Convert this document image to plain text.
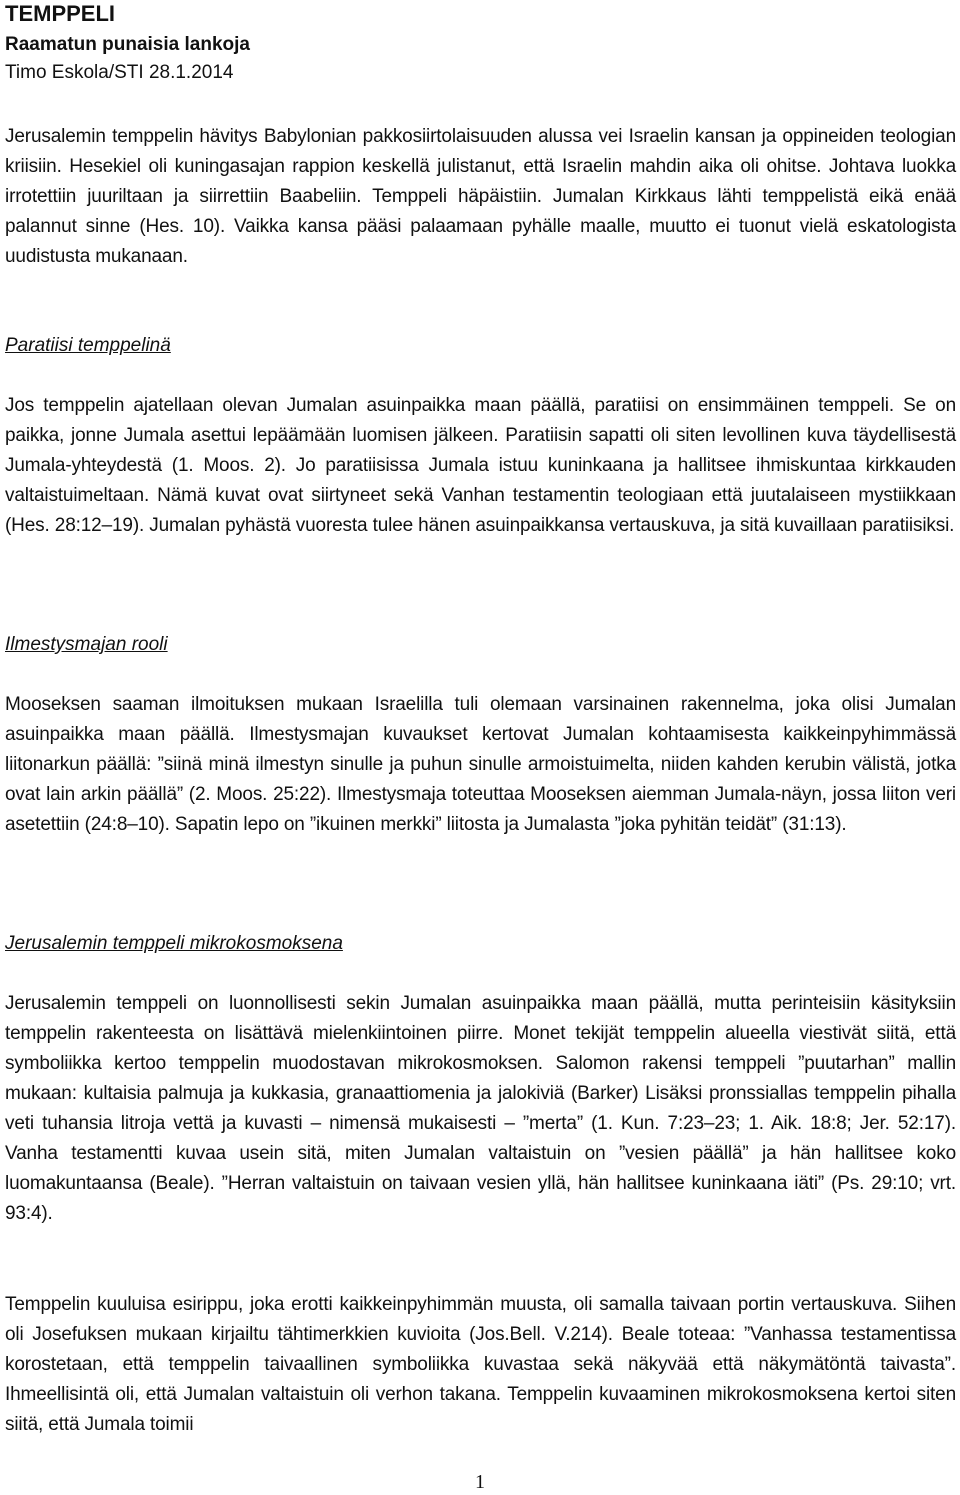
TEMPPELI
Raamatun punaisia lankoja
Timo Eskola/STI 28.1.2014

Jerusalemin temppelin hävitys Babylonian pakkosiirtolaisuuden alussa vei Israelin kansan ja oppineiden teologian kriisiin. Hesekiel oli kuningasajan rappion keskellä julistanut, että Israelin mahdin aika oli ohitse. Johtava luokka irrotettiin juuriltaan ja siirrettiin Baabeliin. Temppeli häpäistiin. Jumalan Kirkkaus lähti temppelistä eikä enää palannut sinne (Hes. 10). Vaikka kansa pääsi palaamaan pyhälle maalle, muutto ei tuonut vielä eskatologista uudistusta mukanaan.

Paratiisi temppelinä

Jos temppelin ajatellaan olevan Jumalan asuinpaikka maan päällä, paratiisi on ensimmäinen temppeli. Se on paikka, jonne Jumala asettui lepäämään luomisen jälkeen. Paratiisin sapatti oli siten levollinen kuva täydellisestä Jumala-yhteydestä (1. Moos. 2). Jo paratiisissa Jumala istuu kuninkaana ja hallitsee ihmiskuntaa kirkkauden valtaistuimeltaan. Nämä kuvat ovat siirtyneet sekä Vanhan testamentin teologiaan että juutalaiseen mystiikkaan (Hes. 28:12–19). Jumalan pyhästä vuoresta tulee hänen asuinpaikkansa vertauskuva, ja sitä kuvaillaan paratiisiksi.

Ilmestysmajan rooli

Mooseksen saaman ilmoituksen mukaan Israelilla tuli olemaan varsinainen rakennelma, joka olisi Jumalan asuinpaikka maan päällä. Ilmestysmajan kuvaukset kertovat Jumalan kohtaamisesta kaikkeinpyhimmässä liitonarkun päällä: ”siinä minä ilmestyn sinulle ja puhun sinulle armoistuimelta, niiden kahden kerubin välistä, jotka ovat lain arkin päällä” (2. Moos. 25:22). Ilmestysmaja toteuttaa Mooseksen aiemman Jumala-näyn, jossa liiton veri asetettiin (24:8–10). Sapatin lepo on ”ikuinen merkki” liitosta ja Jumalasta ”joka pyhitän teidät” (31:13).

Jerusalemin temppeli mikrokosmoksena

Jerusalemin temppeli on luonnollisesti sekin Jumalan asuinpaikka maan päällä, mutta perinteisiin käsityksiin temppelin rakenteesta on lisättävä mielenkiintoinen piirre. Monet tekijät temppelin alueella viestivät siitä, että symboliikka kertoo temppelin muodostavan mikrokosmoksen. Salomon rakensi temppeli ”puutarhan” mallin mukaan: kultaisia palmuja ja kukkasia, granaattiomenia ja jalokiviä (Barker) Lisäksi pronssiallas temppelin pihalla veti tuhansia litroja vettä ja kuvasti – nimensä mukaisesti – ”merta” (1. Kun. 7:23–23; 1. Aik. 18:8; Jer. 52:17). Vanha testamentti kuvaa usein sitä, miten Jumalan valtaistuin on ”vesien päällä” ja hän hallitsee koko luomakuntaansa (Beale). ”Herran valtaistuin on taivaan vesien yllä, hän hallitsee kuninkaana iäti” (Ps. 29:10; vrt. 93:4).

Temppelin kuuluisa esirippu, joka erotti kaikkeinpyhimmän muusta, oli samalla taivaan portin vertauskuva. Siihen oli Josefuksen mukaan kirjailtu tähtimerkkien kuvioita (Jos.Bell. V.214). Beale toteaa: ”Vanhassa testamentissa korostetaan, että temppelin taivaallinen symboliikka kuvastaa sekä näkyvää että näkymätöntä taivasta”. Ihmeellisintä oli, että Jumalan valtaistuin oli verhon takana. Temppelin kuvaaminen mikrokosmoksena kertoi siten siitä, että Jumala toimii

1
